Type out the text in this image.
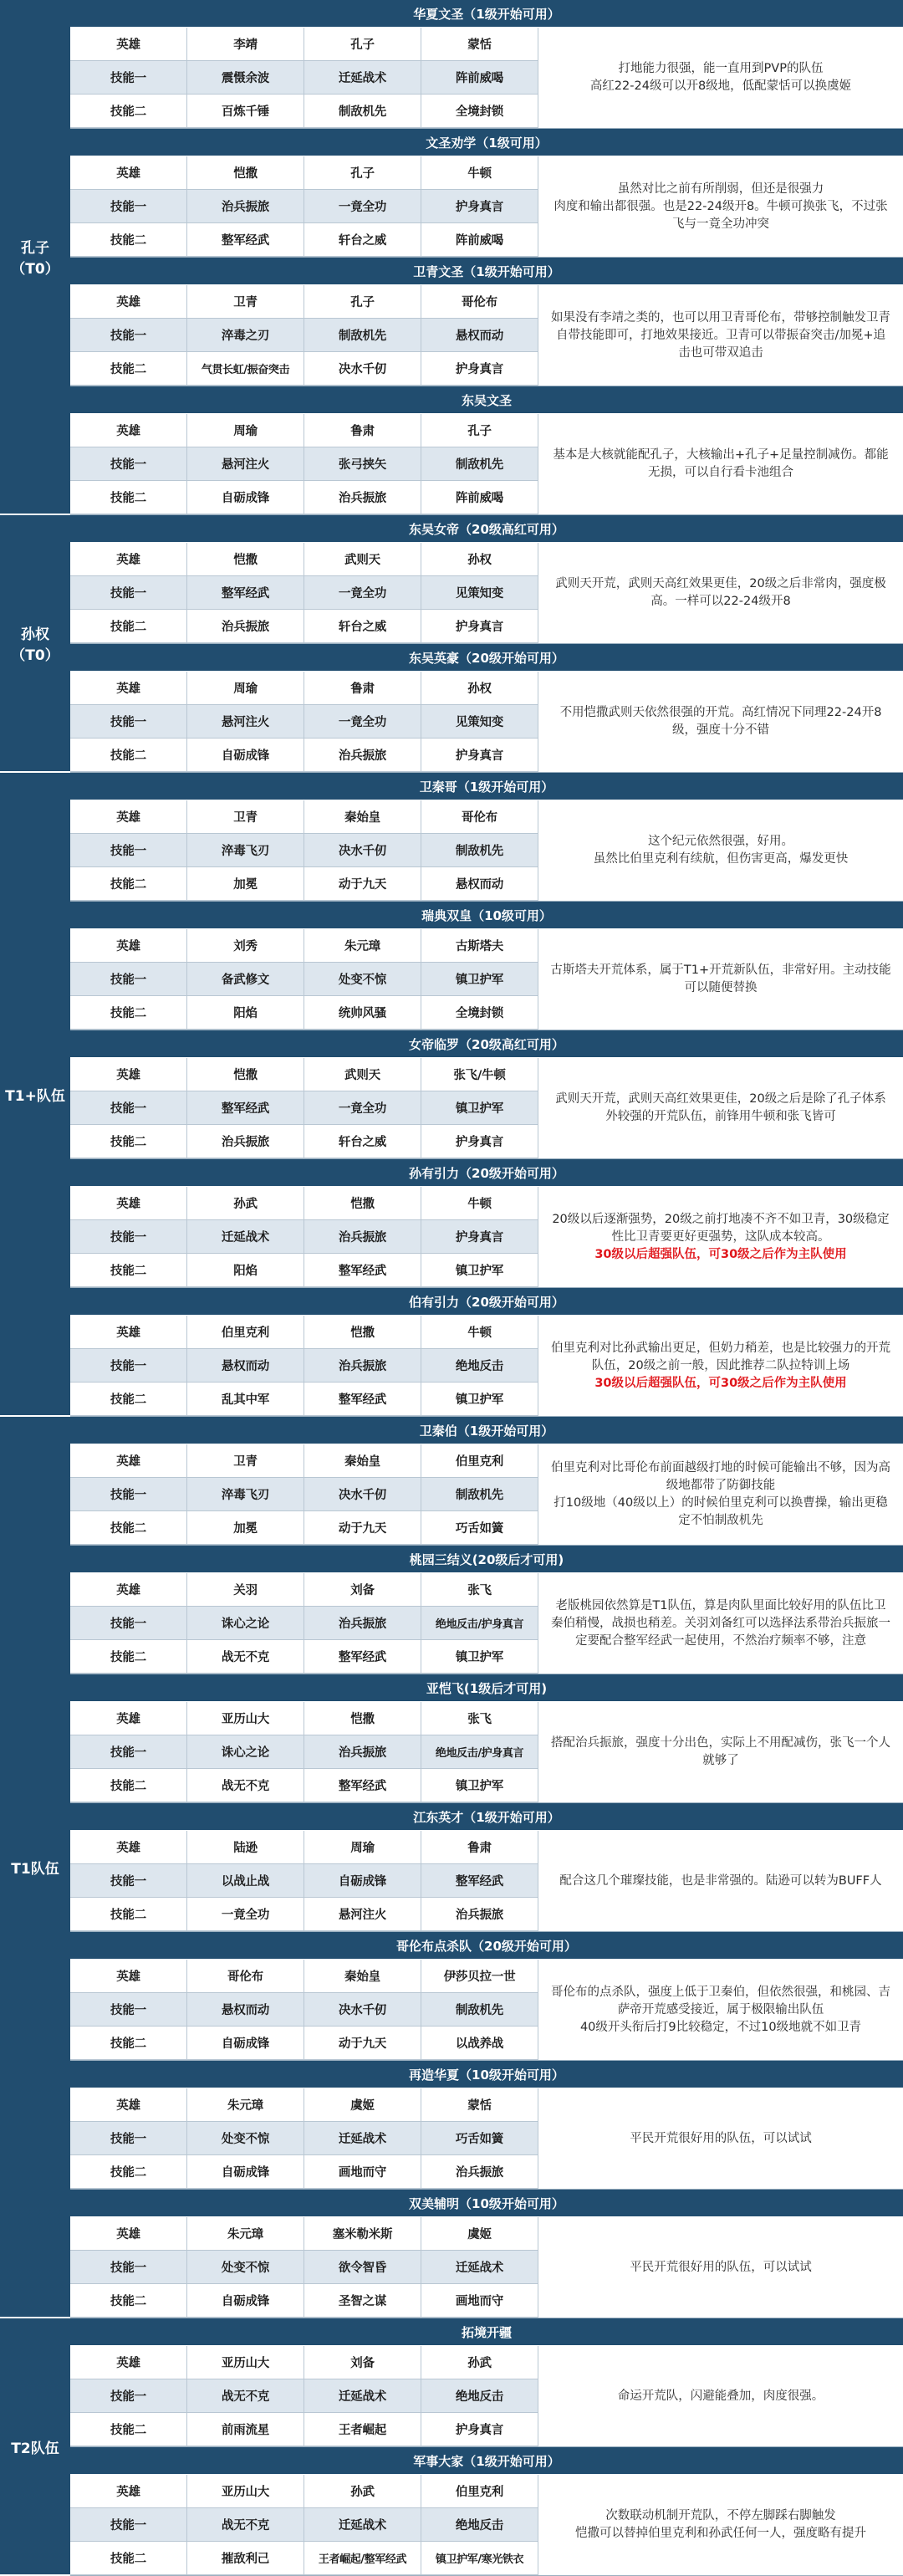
孔子（T0）
华夏文圣（1级开始可用）
英雄	李靖	孔子	蒙恬
技能一	震慑余波	迁延战术	阵前威喝
技能二	百炼千锤	制敌机先	全境封锁
打地能力很强，能一直用到PVP的队伍
高红22-24级可以开8级地，低配蒙恬可以换虞姬
文圣劝学（1级可用）
英雄	恺撒	孔子	牛顿
技能一	治兵振旅	一竟全功	护身真言
技能二	整军经武	轩台之威	阵前威喝
虽然对比之前有所削弱，但还是很强力
肉度和输出都很强。也是22-24级开8。牛顿可换张飞，不过张飞与一竟全功冲突
卫青文圣（1级开始可用）
英雄	卫青	孔子	哥伦布
技能一	淬毒之刃	制敌机先	悬权而动
技能二	气贯长虹/振奋突击	决水千仞	护身真言
如果没有李靖之类的，也可以用卫青哥伦布，带够控制触发卫青自带技能即可，打地效果接近。卫青可以带振奋突击/加冕+追击也可带双追击
东吴文圣
英雄	周瑜	鲁肃	孔子
技能一	悬河注火	张弓挟矢	制敌机先
技能二	自砺成锋	治兵振旅	阵前威喝
基本是大核就能配孔子，大核输出+孔子+足量控制减伤。都能无损，可以自行看卡池组合
孙权（T0）
东吴女帝（20级高红可用）
英雄	恺撒	武则天	孙权
技能一	整军经武	一竟全功	见策知变
技能二	治兵振旅	轩台之威	护身真言
武则天开荒，武则天高红效果更佳，20级之后非常肉，强度极高。一样可以22-24级开8
东吴英豪（20级开始可用）
英雄	周瑜	鲁肃	孙权
技能一	悬河注火	一竟全功	见策知变
技能二	自砺成锋	治兵振旅	护身真言
不用恺撒武则天依然很强的开荒。高红情况下同理22-24开8级，强度十分不错
T1+队伍
卫秦哥（1级开始可用）
英雄	卫青	秦始皇	哥伦布
技能一	淬毒飞刃	决水千仞	制敌机先
技能二	加冕	动于九天	悬权而动
这个纪元依然很强，好用。
虽然比伯里克利有续航，但伤害更高，爆发更快
瑞典双皇（10级可用）
英雄	刘秀	朱元璋	古斯塔夫
技能一	备武修文	处变不惊	镇卫护军
技能二	阳焰	统帅风骚	全境封锁
古斯塔夫开荒体系，属于T1+开荒新队伍，非常好用。主动技能可以随便替换
女帝临罗（20级高红可用）
英雄	恺撒	武则天	张飞/牛顿
技能一	整军经武	一竟全功	镇卫护军
技能二	治兵振旅	轩台之威	护身真言
武则天开荒，武则天高红效果更佳，20级之后是除了孔子体系外较强的开荒队伍，前锋用牛顿和张飞皆可
孙有引力（20级开始可用）
英雄	孙武	恺撒	牛顿
技能一	迁延战术	治兵振旅	护身真言
技能二	阳焰	整军经武	镇卫护军
20级以后逐渐强势，20级之前打地凑不齐不如卫青，30级稳定性比卫青要更好更强势，这队成本较高。
30级以后超强队伍，可30级之后作为主队使用
伯有引力（20级开始可用）
英雄	伯里克利	恺撒	牛顿
技能一	悬权而动	治兵振旅	绝地反击
技能二	乱其中军	整军经武	镇卫护军
伯里克利对比孙武输出更足，但奶力稍差，也是比较强力的开荒队伍，20级之前一般，因此推荐二队拉特训上场
30级以后超强队伍，可30级之后作为主队使用
T1队伍
卫秦伯（1级开始可用）
英雄	卫青	秦始皇	伯里克利
技能一	淬毒飞刃	决水千仞	制敌机先
技能二	加冕	动于九天	巧舌如簧
伯里克利对比哥伦布前面越级打地的时候可能输出不够，因为高级地都带了防御技能
打10级地（40级以上）的时候伯里克利可以换曹操，输出更稳定不怕制敌机先
桃园三结义(20级后才可用)
英雄	关羽	刘备	张飞
技能一	诛心之论	治兵振旅	绝地反击/护身真言
技能二	战无不克	整军经武	镇卫护军
老版桃园依然算是T1队伍，算是肉队里面比较好用的队伍比卫秦伯稍慢，战损也稍差。关羽刘备红可以选择法系带治兵振旅一定要配合整军经武一起使用，不然治疗频率不够，注意
亚恺飞(1级后才可用)
英雄	亚历山大	恺撒	张飞
技能一	诛心之论	治兵振旅	绝地反击/护身真言
技能二	战无不克	整军经武	镇卫护军
搭配治兵振旅，强度十分出色，实际上不用配减伤，张飞一个人就够了
江东英才（1级开始可用）
英雄	陆逊	周瑜	鲁肃
技能一	以战止战	自砺成锋	整军经武
技能二	一竟全功	悬河注火	治兵振旅
配合这几个璀璨技能，也是非常强的。陆逊可以转为BUFF人
哥伦布点杀队（20级开始可用）
英雄	哥伦布	秦始皇	伊莎贝拉一世
技能一	悬权而动	决水千仞	制敌机先
技能二	自砺成锋	动于九天	以战养战
哥伦布的点杀队，强度上低于卫秦伯，但依然很强，和桃园、吉萨帝开荒感受接近，属于极限输出队伍
40级开头衔后打9比较稳定，不过10级地就不如卫青
再造华夏（10级开始可用）
英雄	朱元璋	虞姬	蒙恬
技能一	处变不惊	迁延战术	巧舌如簧
技能二	自砺成锋	画地而守	治兵振旅
平民开荒很好用的队伍，可以试试
双美辅明（10级开始可用）
英雄	朱元璋	塞米勒米斯	虞姬
技能一	处变不惊	欲令智昏	迁延战术
技能二	自砺成锋	圣智之谋	画地而守
平民开荒很好用的队伍，可以试试
T2队伍
拓境开疆
英雄	亚历山大	刘备	孙武
技能一	战无不克	迁延战术	绝地反击
技能二	前雨流星	王者崛起	护身真言
命运开荒队，闪避能叠加，肉度很强。
军事大家（1级开始可用）
英雄	亚历山大	孙武	伯里克利
技能一	战无不克	迁延战术	绝地反击
技能二	摧敌利己	王者崛起/整军经武	镇卫护军/寒光铁衣
次数联动机制开荒队，不停左脚踩右脚触发
恺撒可以替掉伯里克利和孙武任何一人，强度略有提升
